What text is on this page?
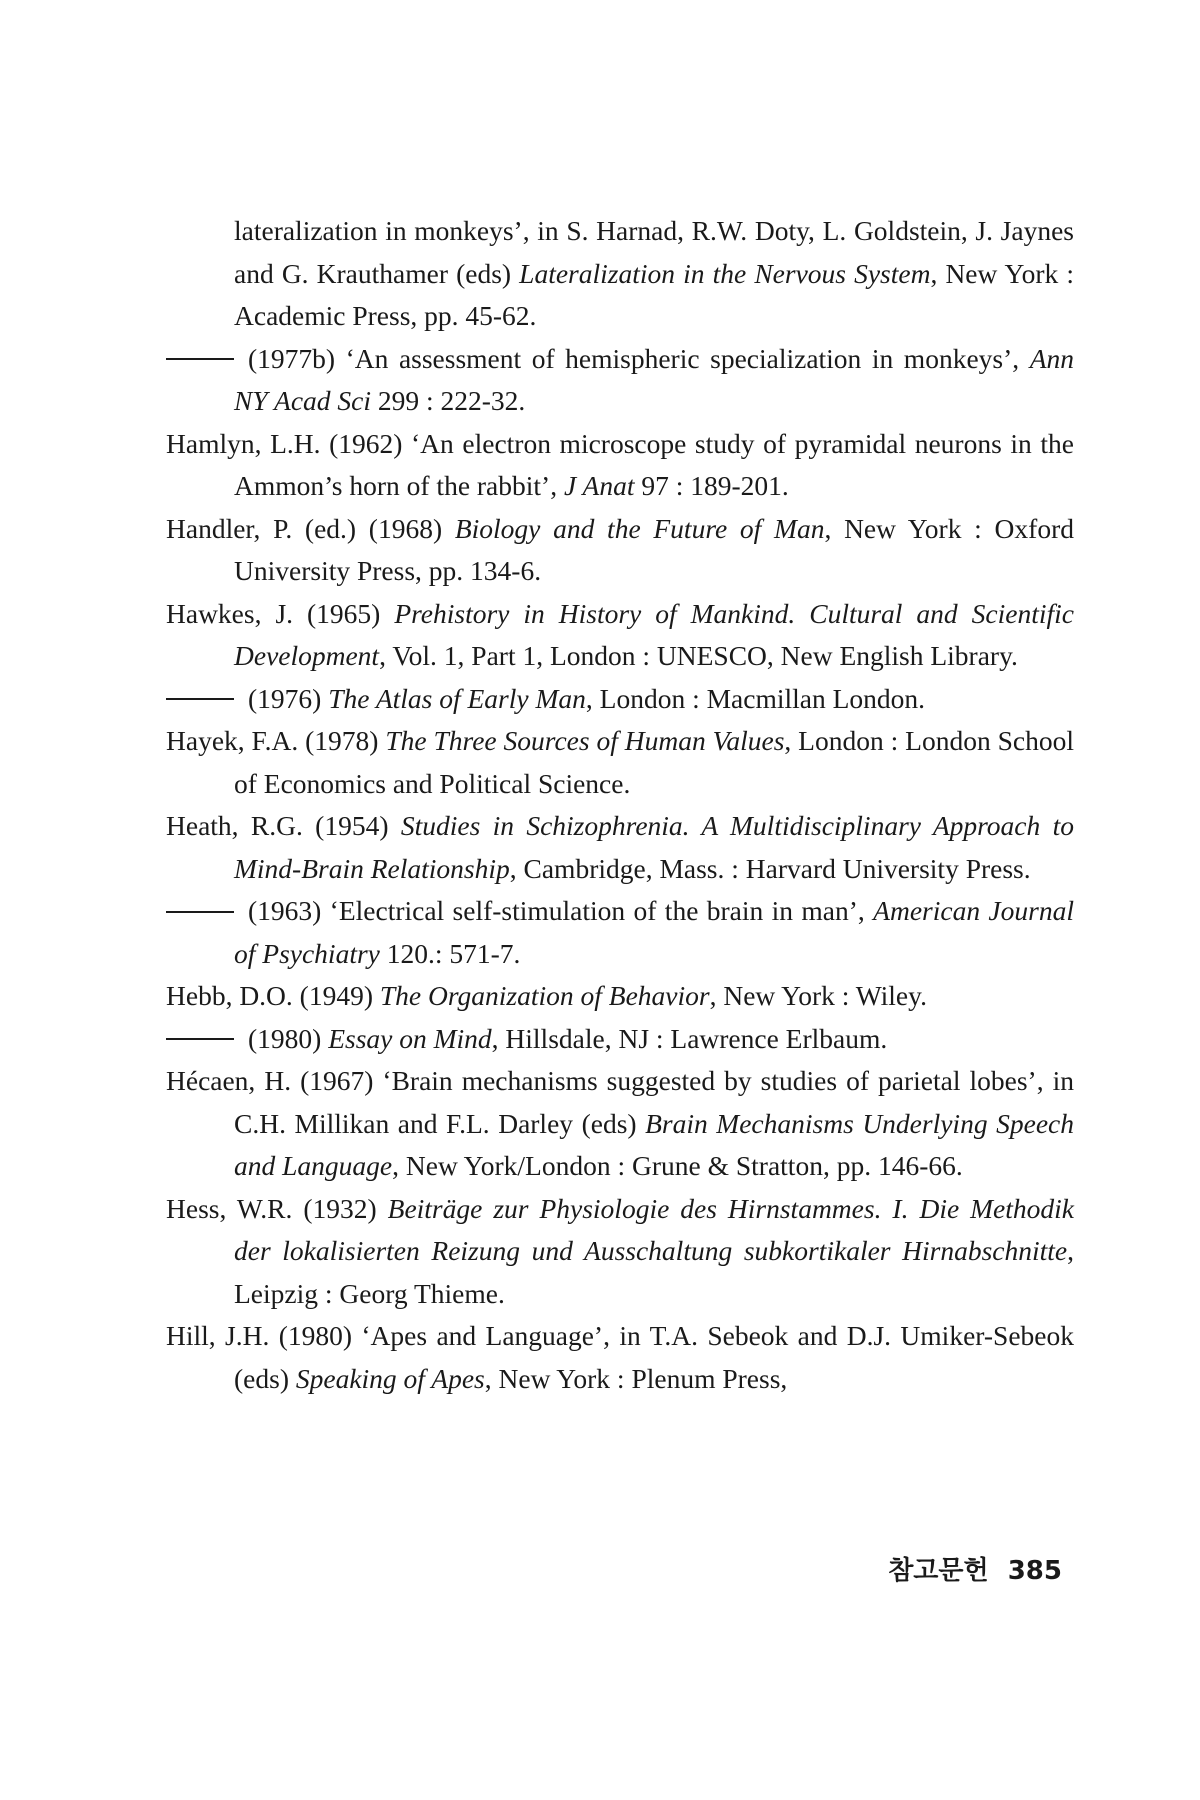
lateralization in monkeys’, in S. Harnad, R.W. Doty, L. Goldstein, J. Jaynes and G. Krauthamer (eds) Lateralization in the Nervous System, New York : Academic Press, pp. 45-62.
(1977b) ‘An assessment of hemispheric specialization in monkeys’, Ann NY Acad Sci 299 : 222-32.
Hamlyn, L.H. (1962) ‘An electron microscope study of pyramidal neurons in the Ammon’s horn of the rabbit’, J Anat 97 : 189-201.
Handler, P. (ed.) (1968) Biology and the Future of Man, New York : Oxford University Press, pp. 134-6.
Hawkes, J. (1965) Prehistory in History of Mankind. Cultural and Scientific Development, Vol. 1, Part 1, London : UNESCO, New English Library.
(1976) The Atlas of Early Man, London : Macmillan London.
Hayek, F.A. (1978) The Three Sources of Human Values, London : London School of Economics and Political Science.
Heath, R.G. (1954) Studies in Schizophrenia. A Multidisciplinary Approach to Mind-Brain Relationship, Cambridge, Mass. : Harvard University Press.
(1963) ‘Electrical self-stimulation of the brain in man’, American Journal of Psychiatry 120.: 571-7.
Hebb, D.O. (1949) The Organization of Behavior, New York : Wiley.
(1980) Essay on Mind, Hillsdale, NJ : Lawrence Erlbaum.
Hécaen, H. (1967) ‘Brain mechanisms suggested by studies of parietal lobes’, in C.H. Millikan and F.L. Darley (eds) Brain Mechanisms Underlying Speech and Language, New York/London : Grune & Stratton, pp. 146-66.
Hess, W.R. (1932) Beiträge zur Physiologie des Hirnstammes. I. Die Methodik der lokalisierten Reizung und Ausschaltung subkortikaler Hirnabschnitte, Leipzig : Georg Thieme.
Hill, J.H. (1980) ‘Apes and Language’, in T.A. Sebeok and D.J. Umiker-Sebeok (eds) Speaking of Apes, New York : Plenum Press,
참고문헌 385
